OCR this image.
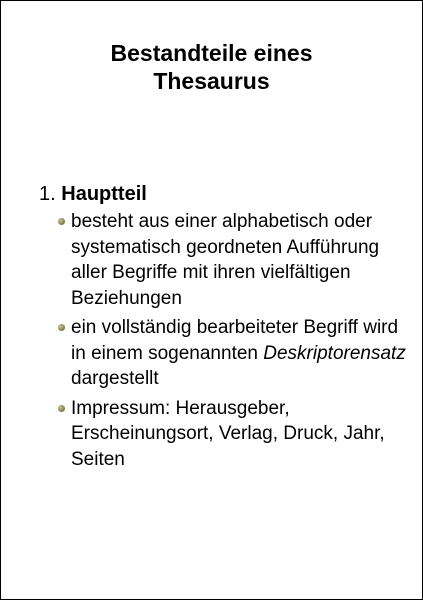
Bestandteile eines
Thesaurus
1. Hauptteil
besteht aus einer alphabetisch oder systematisch geordneten Aufführung aller Begriffe mit ihren vielfältigen Beziehungen
ein vollständig bearbeiteter Begriff wird in einem sogenannten Deskriptorensatz dargestellt
Impressum: Herausgeber, Erscheinungsort, Verlag, Druck, Jahr, Seiten
